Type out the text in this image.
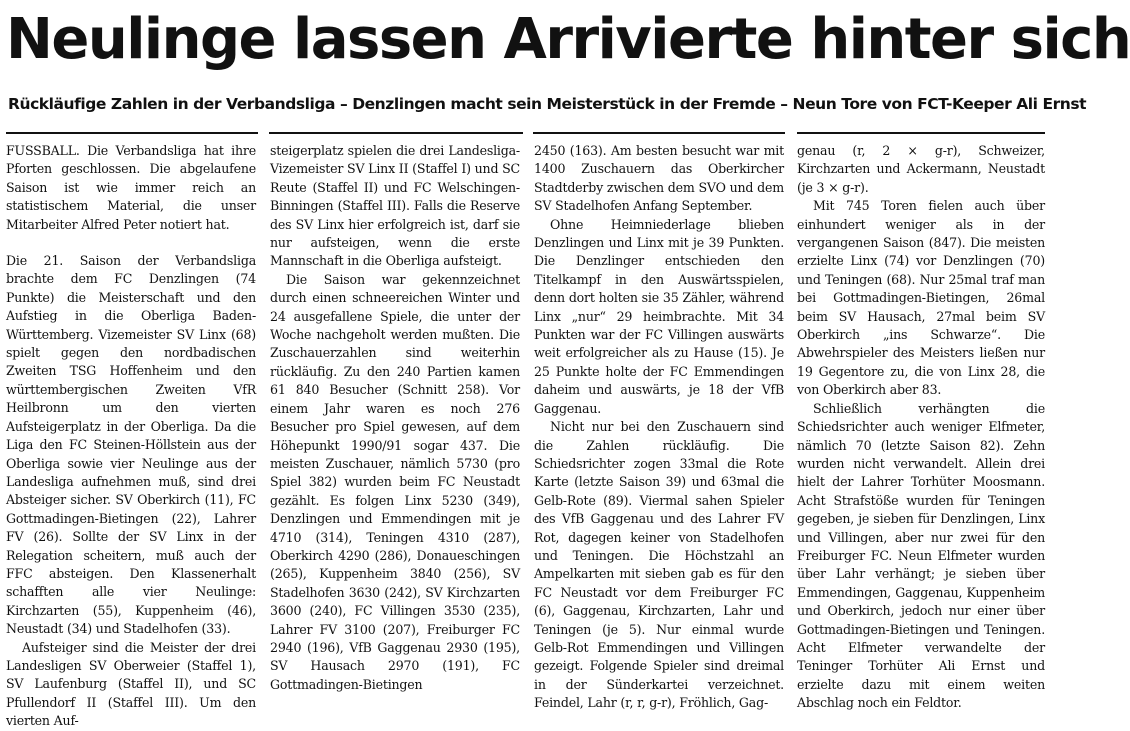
Neulinge lassen Arrivierte hinter sich
Rückläufige Zahlen in der Verbandsliga – Denzlingen macht sein Meisterstück in der Fremde – Neun Tore von FCT-Keeper Ali Ernst

FUSSBALL. Die Verbandsliga hat ihre Pforten geschlossen. Die abgelaufene Saison ist wie immer reich an statistischem Material, die unser Mitarbeiter Alfred Peter notiert hat.

Die 21. Saison der Verbandsliga brachte dem FC Denzlingen (74 Punkte) die Meisterschaft und den Aufstieg in die Oberliga Baden-Württemberg. Vizemeister SV Linx (68) spielt gegen den nordbadischen Zweiten TSG Hoffenheim und den württembergischen Zweiten VfR Heilbronn um den vierten Aufsteigerplatz in der Oberliga. Da die Liga den FC Steinen-Höllstein aus der Oberliga sowie vier Neulinge aus der Landesliga aufnehmen muß, sind drei Absteiger sicher. SV Oberkirch (11), FC Gottmadingen-Bietingen (22), Lahrer FV (26). Sollte der SV Linx in der Relegation scheitern, muß auch der FFC absteigen. Den Klassenerhalt schafften alle vier Neulinge: Kirchzarten (55), Kuppenheim (46), Neustadt (34) und Stadelhofen (33).

Aufsteiger sind die Meister der drei Landesligen SV Oberweier (Staffel 1), SV Laufenburg (Staffel II), und SC Pfullendorf II (Staffel III). Um den vierten Auf-

steigerplatz spielen die drei Landesliga-Vizemeister SV Linx II (Staffel I) und SC Reute (Staffel II) und FC Welschingen-Binningen (Staffel III). Falls die Reserve des SV Linx hier erfolgreich ist, darf sie nur aufsteigen, wenn die erste Mannschaft in die Oberliga aufsteigt.

Die Saison war gekennzeichnet durch einen schneereichen Winter und 24 ausgefallene Spiele, die unter der Woche nachgeholt werden mußten. Die Zuschauerzahlen sind weiterhin rückläufig. Zu den 240 Partien kamen 61 840 Besucher (Schnitt 258). Vor einem Jahr waren es noch 276 Besucher pro Spiel gewesen, auf dem Höhepunkt 1990/91 sogar 437. Die meisten Zuschauer, nämlich 5730 (pro Spiel 382) wurden beim FC Neustadt gezählt. Es folgen Linx 5230 (349), Denzlingen und Emmendingen mit je 4710 (314), Teningen 4310 (287), Oberkirch 4290 (286), Donaueschingen (265), Kuppenheim 3840 (256), SV Stadelhofen 3630 (242), SV Kirchzarten 3600 (240), FC Villingen 3530 (235), Lahrer FV 3100 (207), Freiburger FC 2940 (196), VfB Gaggenau 2930 (195), SV Hausach 2970 (191), FC Gottmadingen-Bietingen

2450 (163). Am besten besucht war mit 1400 Zuschauern das Oberkircher Stadtderby zwischen dem SVO und dem SV Stadelhofen Anfang September.

Ohne Heimniederlage blieben Denzlingen und Linx mit je 39 Punkten. Die Denzlinger entschieden den Titelkampf in den Auswärtsspielen, denn dort holten sie 35 Zähler, während Linx „nur“ 29 heimbrachte. Mit 34 Punkten war der FC Villingen auswärts weit erfolgreicher als zu Hause (15). Je 25 Punkte holte der FC Emmendingen daheim und auswärts, je 18 der VfB Gaggenau.

Nicht nur bei den Zuschauern sind die Zahlen rückläufig. Die Schiedsrichter zogen 33mal die Rote Karte (letzte Saison 39) und 63mal die Gelb-Rote (89). Viermal sahen Spieler des VfB Gaggenau und des Lahrer FV Rot, dagegen keiner von Stadelhofen und Teningen. Die Höchstzahl an Ampelkarten mit sieben gab es für den FC Neustadt vor dem Freiburger FC (6), Gaggenau, Kirchzarten, Lahr und Teningen (je 5). Nur einmal wurde Gelb-Rot Emmendingen und Villingen gezeigt. Folgende Spieler sind dreimal in der Sünderkartei verzeichnet. Feindel, Lahr (r, r, g-r), Fröhlich, Gag-

genau (r, 2 × g-r), Schweizer, Kirchzarten und Ackermann, Neustadt (je 3 × g-r).

Mit 745 Toren fielen auch über einhundert weniger als in der vergangenen Saison (847). Die meisten erzielte Linx (74) vor Denzlingen (70) und Teningen (68). Nur 25mal traf man bei Gottmadingen-Bietingen, 26mal beim SV Hausach, 27mal beim SV Oberkirch „ins Schwarze“. Die Abwehrspieler des Meisters ließen nur 19 Gegentore zu, die von Linx 28, die von Oberkirch aber 83.

Schließlich verhängten die Schiedsrichter auch weniger Elfmeter, nämlich 70 (letzte Saison 82). Zehn wurden nicht verwandelt. Allein drei hielt der Lahrer Torhüter Moosmann. Acht Strafstöße wurden für Teningen gegeben, je sieben für Denzlingen, Linx und Villingen, aber nur zwei für den Freiburger FC. Neun Elfmeter wurden über Lahr verhängt; je sieben über Emmendingen, Gaggenau, Kuppenheim und Oberkirch, jedoch nur einer über Gottmadingen-Bietingen und Teningen. Acht Elfmeter verwandelte der Teninger Torhüter Ali Ernst und erzielte dazu mit einem weiten Abschlag noch ein Feldtor.
